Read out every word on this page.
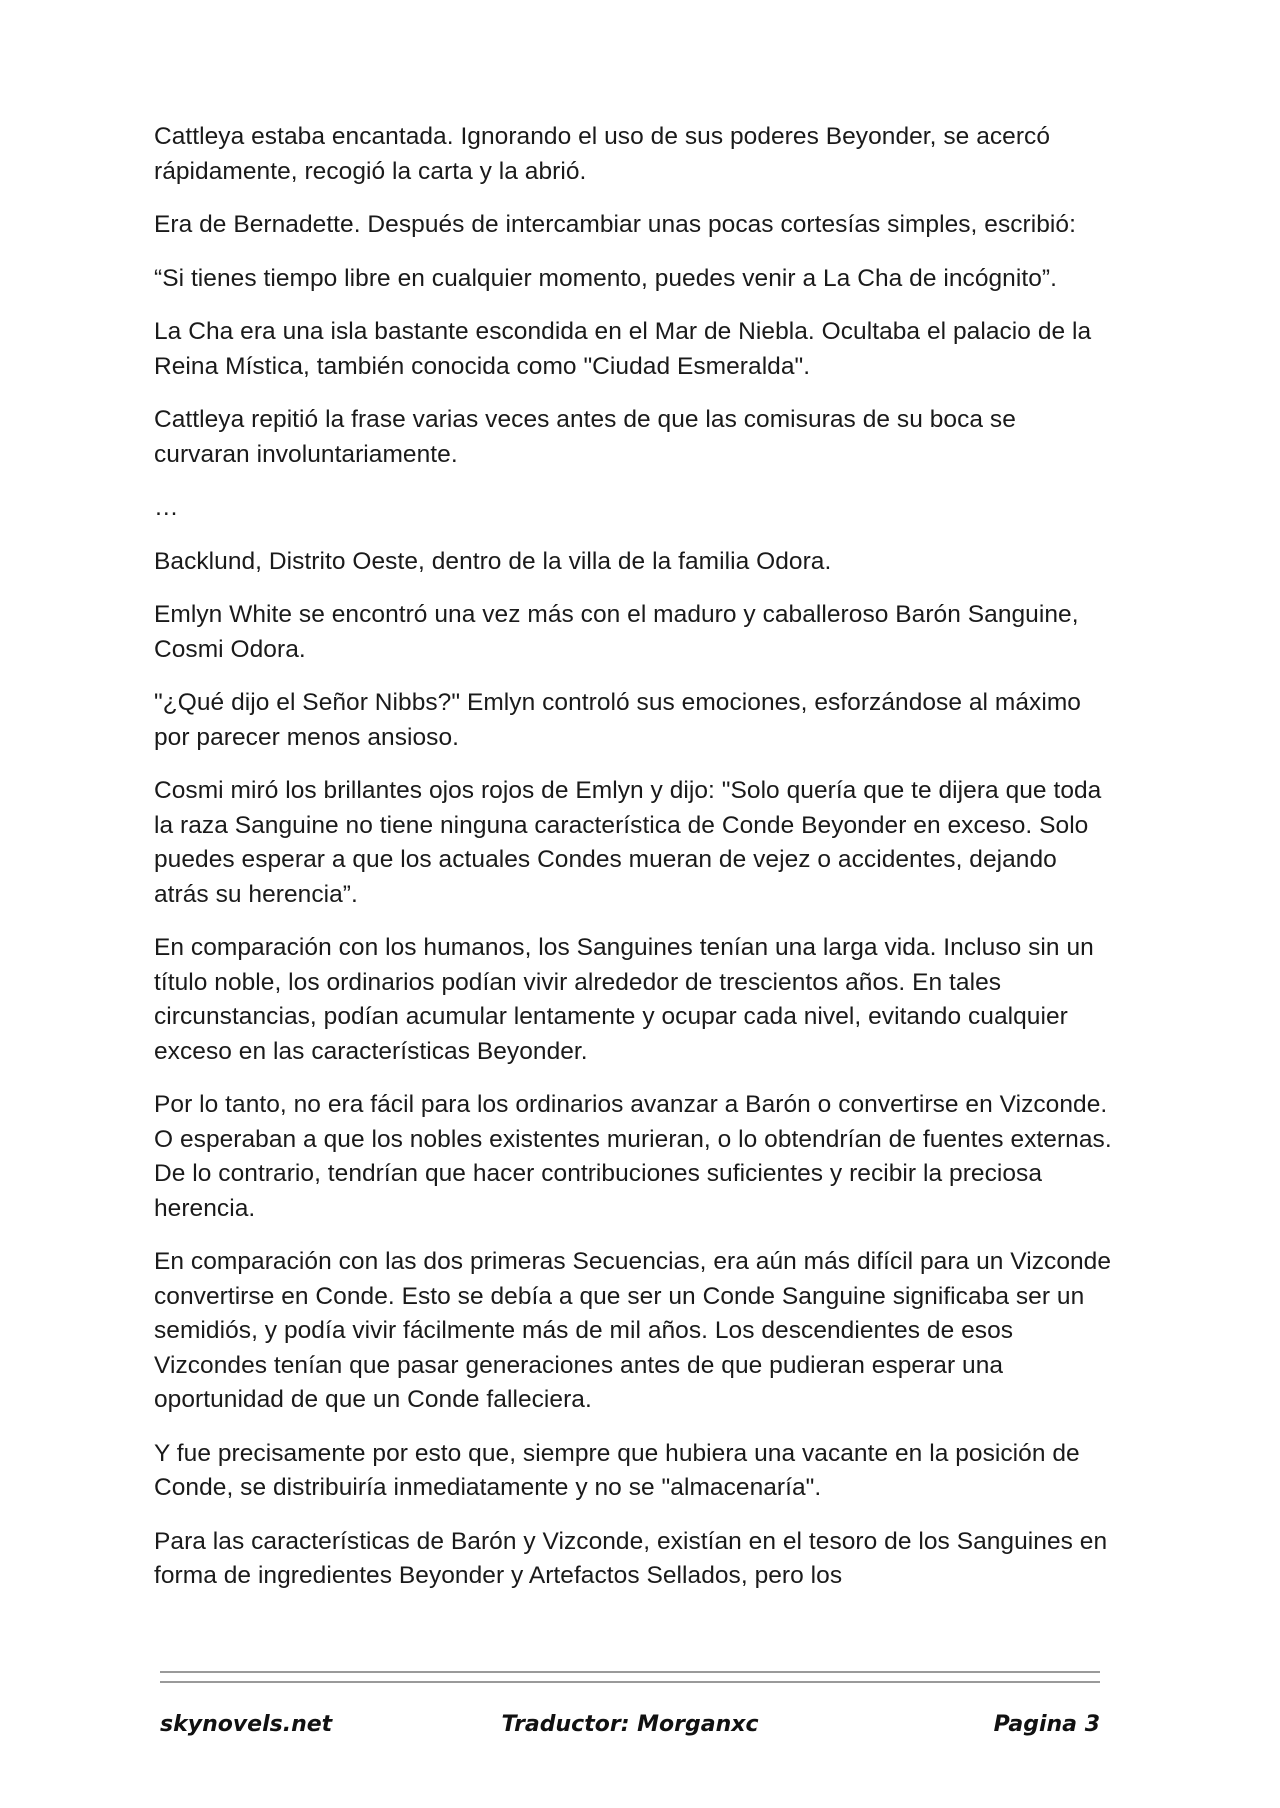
Cattleya estaba encantada. Ignorando el uso de sus poderes Beyonder, se acercó rápidamente, recogió la carta y la abrió.

Era de Bernadette. Después de intercambiar unas pocas cortesías simples, escribió:

“Si tienes tiempo libre en cualquier momento, puedes venir a La Cha de incógnito”.

La Cha era una isla bastante escondida en el Mar de Niebla. Ocultaba el palacio de la Reina Mística, también conocida como "Ciudad Esmeralda".

Cattleya repitió la frase varias veces antes de que las comisuras de su boca se curvaran involuntariamente.

…

Backlund, Distrito Oeste, dentro de la villa de la familia Odora.

Emlyn White se encontró una vez más con el maduro y caballeroso Barón Sanguine, Cosmi Odora.

"¿Qué dijo el Señor Nibbs?" Emlyn controló sus emociones, esforzándose al máximo por parecer menos ansioso.

Cosmi miró los brillantes ojos rojos de Emlyn y dijo: "Solo quería que te dijera que toda la raza Sanguine no tiene ninguna característica de Conde Beyonder en exceso. Solo puedes esperar a que los actuales Condes mueran de vejez o accidentes, dejando atrás su herencia”.

En comparación con los humanos, los Sanguines tenían una larga vida. Incluso sin un título noble, los ordinarios podían vivir alrededor de trescientos años. En tales circunstancias, podían acumular lentamente y ocupar cada nivel, evitando cualquier exceso en las características Beyonder.

Por lo tanto, no era fácil para los ordinarios avanzar a Barón o convertirse en Vizconde. O esperaban a que los nobles existentes murieran, o lo obtendrían de fuentes externas. De lo contrario, tendrían que hacer contribuciones suficientes y recibir la preciosa herencia.

En comparación con las dos primeras Secuencias, era aún más difícil para un Vizconde convertirse en Conde. Esto se debía a que ser un Conde Sanguine significaba ser un semidiós, y podía vivir fácilmente más de mil años. Los descendientes de esos Vizcondes tenían que pasar generaciones antes de que pudieran esperar una oportunidad de que un Conde falleciera.

Y fue precisamente por esto que, siempre que hubiera una vacante en la posición de Conde, se distribuiría inmediatamente y no se "almacenaría".

Para las características de Barón y Vizconde, existían en el tesoro de los Sanguines en forma de ingredientes Beyonder y Artefactos Sellados, pero los

skynovels.net	Traductor: Morganxc	Pagina 3
